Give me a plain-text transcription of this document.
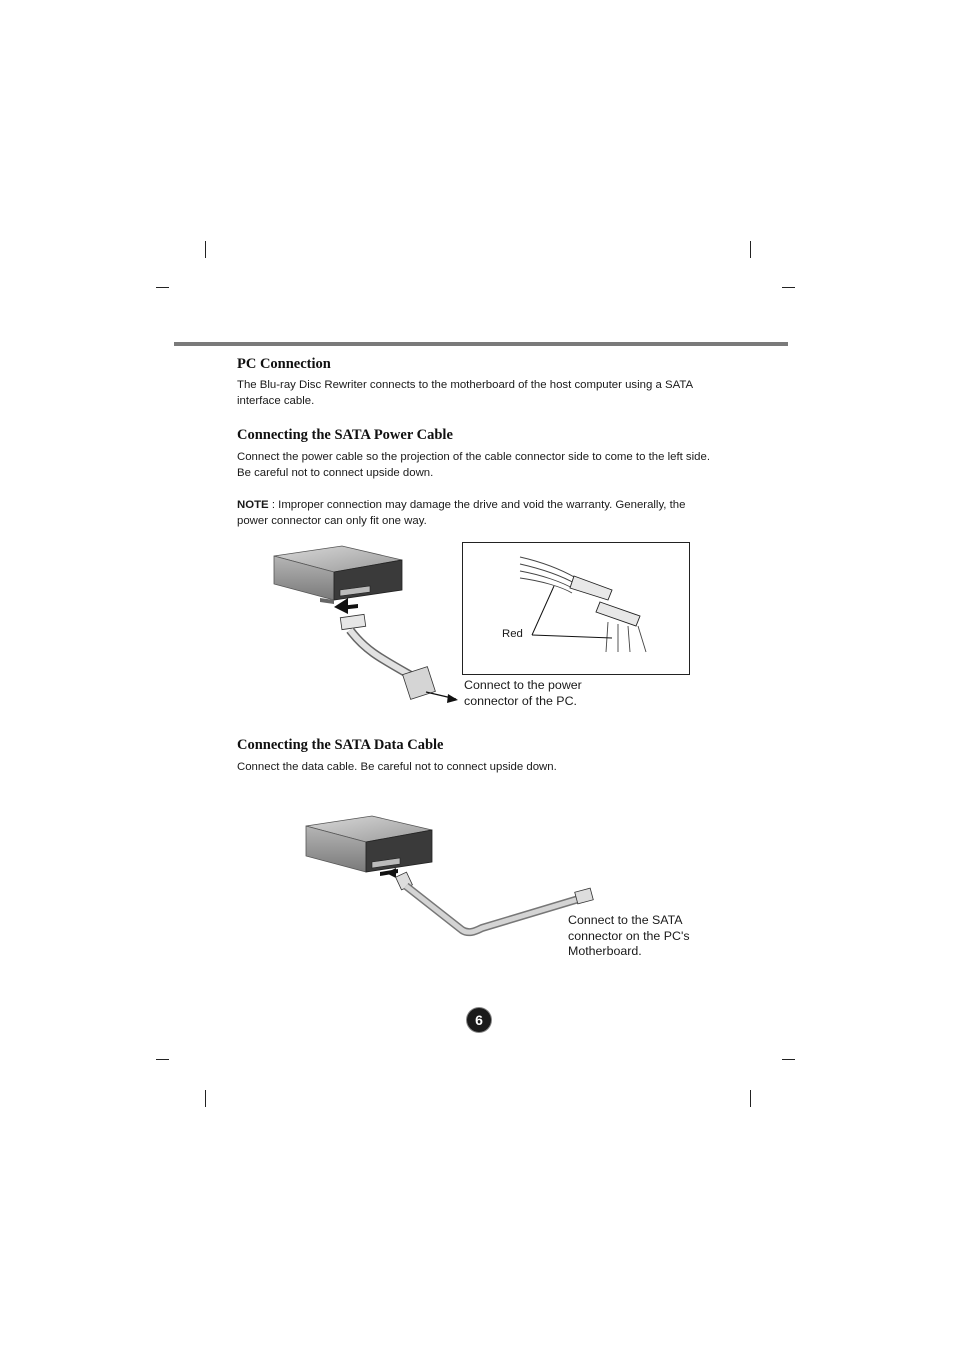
PC Connection

The Blu-ray Disc Rewriter connects to the motherboard of the host computer using a SATA interface cable.

Connecting the SATA Power Cable

Connect the power cable so the projection of the cable connector side to come to the left side. Be careful not to connect upside down.

NOTE : Improper connection may damage the drive and void the warranty. Generally, the power connector can only fit one way.

Red
Connect to the power
connector of the PC.
Connecting the SATA Data Cable

Connect the data cable. Be careful not to connect upside down.

Connect to the SATA
connector on the PC's
Motherboard.
6
